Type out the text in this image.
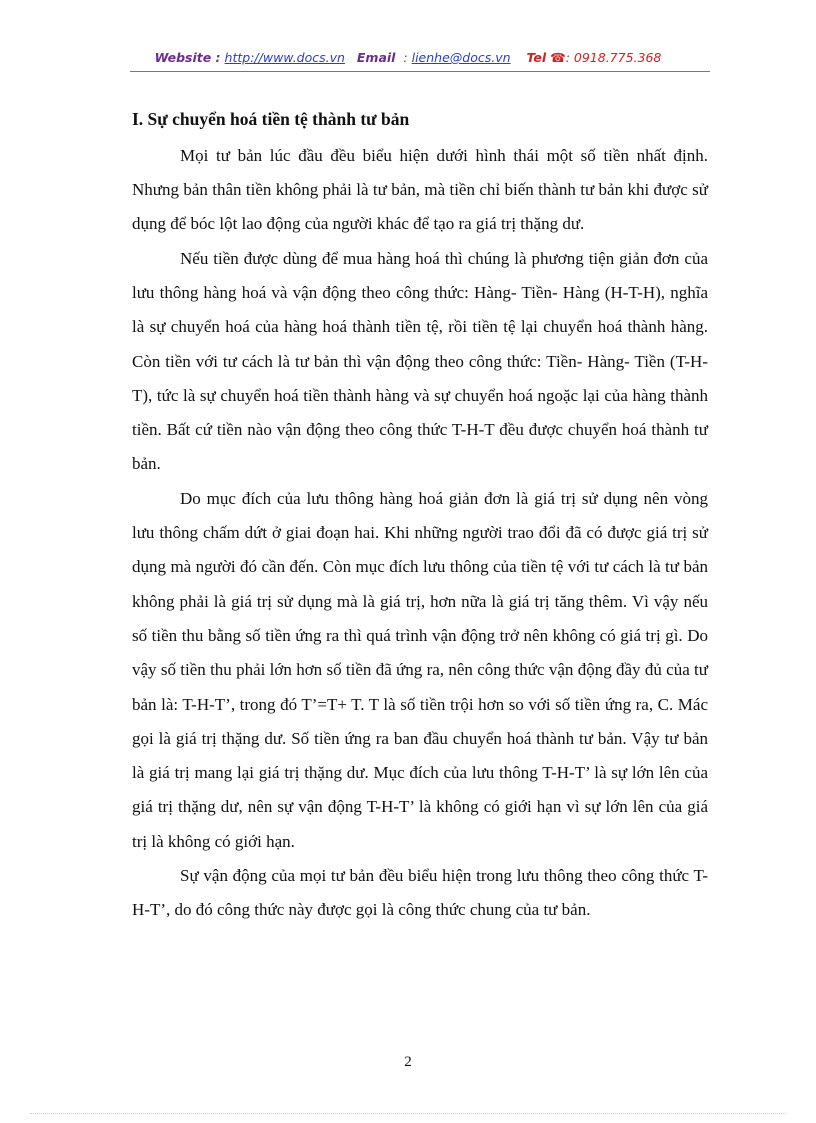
Website : http://www.docs.vn Email : lienhe@docs.vn Tel ☎: 0918.775.368
I. Sự chuyển hoá tiền tệ thành tư bản

Mọi tư bản lúc đầu đều biểu hiện dưới hình thái một số tiền nhất định. Nhưng bản thân tiền không phải là tư bản, mà tiền chỉ biến thành tư bản khi được sử dụng để bóc lột lao động của người khác để tạo ra giá trị thặng dư.

Nếu tiền được dùng để mua hàng hoá thì chúng là phương tiện giản đơn của lưu thông hàng hoá và vận động theo công thức: Hàng- Tiền- Hàng (H-T-H), nghĩa là sự chuyển hoá của hàng hoá thành tiền tệ, rồi tiền tệ lại chuyển hoá thành hàng. Còn tiền với tư cách là tư bản thì vận động theo công thức: Tiền- Hàng- Tiền (T-H-T), tức là sự chuyển hoá tiền thành hàng và sự chuyển hoá ngoặc lại của hàng thành tiền. Bất cứ tiền nào vận động theo công thức T-H-T đều được chuyển hoá thành tư bản.

Do mục đích của lưu thông hàng hoá giản đơn là giá trị sử dụng nên vòng lưu thông chấm dứt ở giai đoạn hai. Khi những người trao đổi đã có được giá trị sử dụng mà người đó cần đến. Còn mục đích lưu thông của tiền tệ với tư cách là tư bản không phải là giá trị sử dụng mà là giá trị, hơn nữa là giá trị tăng thêm. Vì vậy nếu số tiền thu bằng số tiền ứng ra thì quá trình vận động trở nên không có giá trị gì. Do vậy số tiền thu phải lớn hơn số tiền đã ứng ra, nên công thức vận động đầy đủ của tư bản là: T-H-T’, trong đó T’=T+ T. T là số tiền trội hơn so với số tiền ứng ra, C. Mác gọi là giá trị thặng dư. Số tiền ứng ra ban đầu chuyển hoá thành tư bản. Vậy tư bản là giá trị mang lại giá trị thặng dư. Mục đích của lưu thông T-H-T’ là sự lớn lên của giá trị thặng dư, nên sự vận động T-H-T’ là không có giới hạn vì sự lớn lên của giá trị là không có giới hạn.

Sự vận động của mọi tư bản đều biểu hiện trong lưu thông theo công thức T-H-T’, do đó công thức này được gọi là công thức chung của tư bản.

2
